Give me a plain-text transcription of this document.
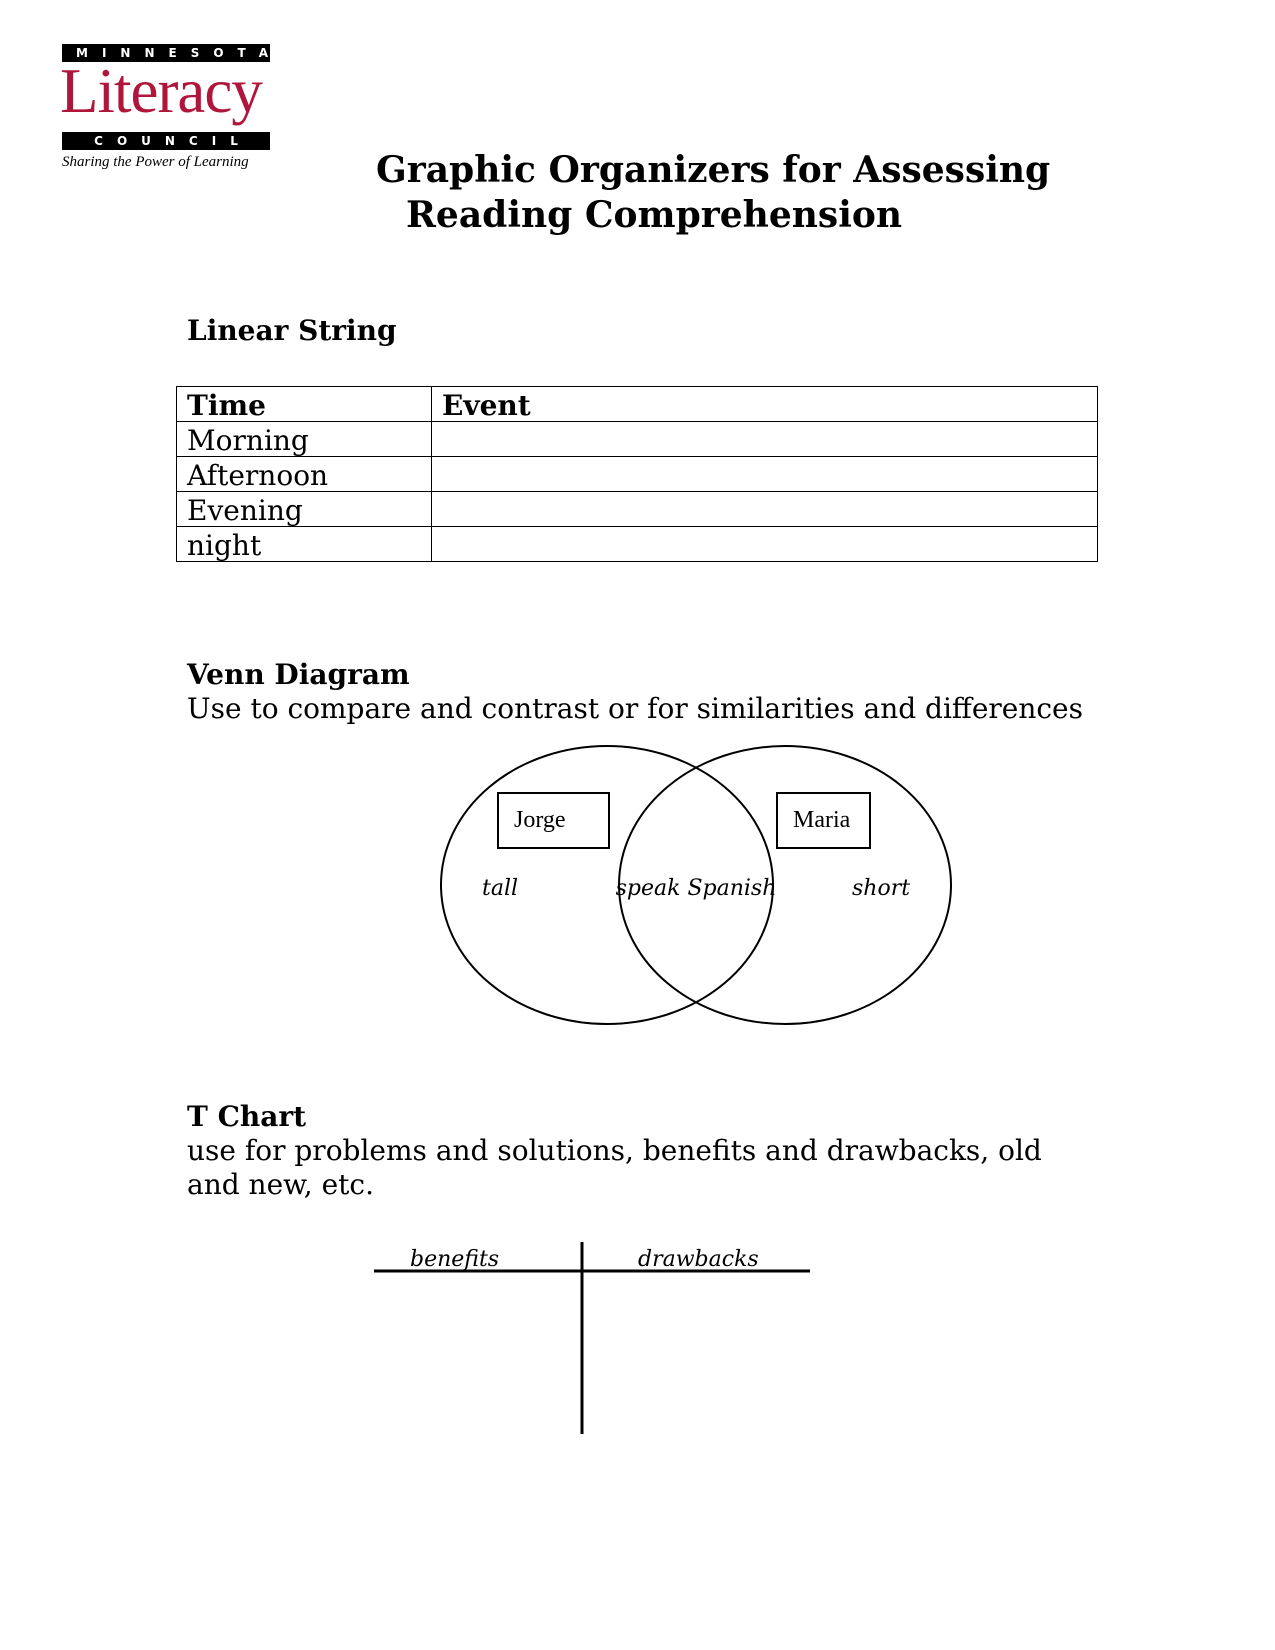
MINNESOTA
Literacy
COUNCIL
Sharing the Power of Learning	Graphic Organizers for Assessing
Reading Comprehension
Linear String
Time	Event
Morning	
Afternoon	
Evening	
night	
Venn Diagram
Use to compare and contrast or for similarities and differences
Jorge	Maria
tall	speak Spanish	short
T Chart
use for problems and solutions, benefits and drawbacks, old
and new, etc.
benefits	drawbacks
